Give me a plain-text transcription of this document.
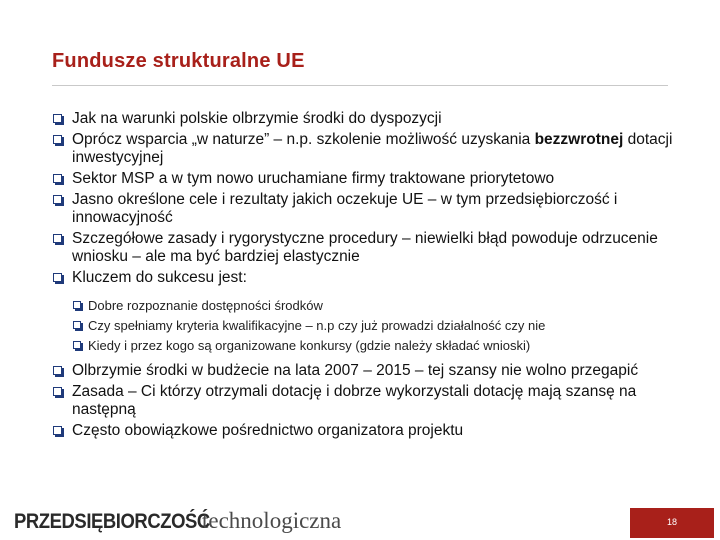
Fundusze strukturalne UE
Jak na warunki polskie olbrzymie środki do dyspozycji
Oprócz wsparcia „w naturze” – n.p. szkolenie możliwość uzyskania bezzwrotnej dotacji inwestycyjnej
Sektor MSP a w tym nowo uruchamiane firmy traktowane priorytetowo
Jasno określone cele i rezultaty jakich oczekuje UE – w tym przedsiębiorczość i innowacyjność
Szczegółowe zasady i rygorystyczne procedury – niewielki błąd powoduje odrzucenie wniosku – ale ma być bardziej elastycznie
Kluczem do sukcesu jest:
Dobre rozpoznanie dostępności środków
Czy spełniamy kryteria kwalifikacyjne – n.p czy już prowadzi działalność czy nie
Kiedy i przez kogo są organizowane konkursy (gdzie należy składać wnioski)
Olbrzymie środki w budżecie na lata 2007 – 2015 – tej szansy nie wolno przegapić
Zasada – Ci którzy otrzymali dotację i dobrze wykorzystali dotację mają szansę na następną
Często obowiązkowe pośrednictwo organizatora projektu
PRZEDSIĘBIORCZOŚĆ
technologiczna	18
